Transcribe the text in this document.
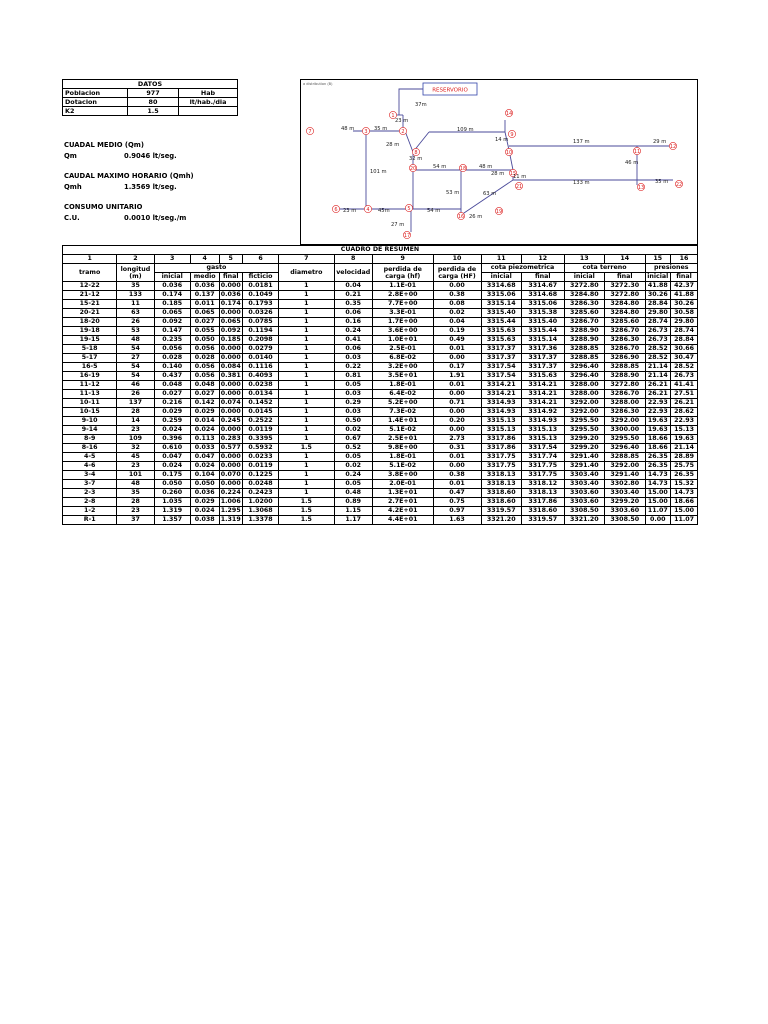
DATOS		
Poblacion	977	Hab
Dotacion	80	lt/hab./dia
K2	1.5	
CUADAL MEDIO (Qm)
Qm	0.9046 lt/seg.
CAUDAL MAXIMO HORARIO (Qmh)
Qmh	1.3569 lt/seg.
CONSUMO UNITARIO
C.U.	0.0010 lt/seg./m
a distribution (B)
RESERVORIO
1
2
3
4	5
6
7
8
9
10	11
12
13
14
15
16
17
18
19
20
21	22
37m
48 m	35 m	109 m
23 m
28 m
32 m
14 m	137 m	29 m
46 m
101 m
54 m	48 m
11 m
53 m
28 m
63 m
133 m	35 m
23 m	45m	54 m
26 m
27 m
CUADRO DE RESUMEN															
1	2	3	4	5	6	7	8	9	10	11	12	13	14	15	16
tramo	longitud (m)	gasto				diametro	velocidad	perdida de carga (hf)	perdida de carga (HF)	cota piezometrica		cota terreno		presiones	
		inicial	medio	final	ficticio					inicial	final	inicial	final	inicial	final
12-22	35	0.036	0.036	0.000	0.0181	1	0.04	1.1E-01	0.00	3314.68	3314.67	3272.80	3272.30	41.88	42.37
21-12	133	0.174	0.137	0.036	0.1049	1	0.21	2.8E+00	0.38	3315.06	3314.68	3284.80	3272.80	30.26	41.88
15-21	11	0.185	0.011	0.174	0.1793	1	0.35	7.7E+00	0.08	3315.14	3315.06	3286.30	3284.80	28.84	30.26
20-21	63	0.065	0.065	0.000	0.0326	1	0.06	3.3E-01	0.02	3315.40	3315.38	3285.60	3284.80	29.80	30.58
18-20	26	0.092	0.027	0.065	0.0785	1	0.16	1.7E+00	0.04	3315.44	3315.40	3286.70	3285.60	28.74	29.80
19-18	53	0.147	0.055	0.092	0.1194	1	0.24	3.6E+00	0.19	3315.63	3315.44	3288.90	3286.70	26.73	28.74
19-15	48	0.235	0.050	0.185	0.2098	1	0.41	1.0E+01	0.49	3315.63	3315.14	3288.90	3286.30	26.73	28.84
5-18	54	0.056	0.056	0.000	0.0279	1	0.06	2.5E-01	0.01	3317.37	3317.36	3288.85	3286.70	28.52	30.66
5-17	27	0.028	0.028	0.000	0.0140	1	0.03	6.8E-02	0.00	3317.37	3317.37	3288.85	3286.90	28.52	30.47
16-5	54	0.140	0.056	0.084	0.1116	1	0.22	3.2E+00	0.17	3317.54	3317.37	3296.40	3288.85	21.14	28.52
16-19	54	0.437	0.056	0.381	0.4093	1	0.81	3.5E+01	1.91	3317.54	3315.63	3296.40	3288.90	21.14	26.73
11-12	46	0.048	0.048	0.000	0.0238	1	0.05	1.8E-01	0.01	3314.21	3314.21	3288.00	3272.80	26.21	41.41
11-13	26	0.027	0.027	0.000	0.0134	1	0.03	6.4E-02	0.00	3314.21	3314.21	3288.00	3286.70	26.21	27.51
10-11	137	0.216	0.142	0.074	0.1452	1	0.29	5.2E+00	0.71	3314.93	3314.21	3292.00	3288.00	22.93	26.21
10-15	28	0.029	0.029	0.000	0.0145	1	0.03	7.3E-02	0.00	3314.93	3314.92	3292.00	3286.30	22.93	28.62
9-10	14	0.259	0.014	0.245	0.2522	1	0.50	1.4E+01	0.20	3315.13	3314.93	3295.50	3292.00	19.63	22.93
9-14	23	0.024	0.024	0.000	0.0119	1	0.02	5.1E-02	0.00	3315.13	3315.13	3295.50	3300.00	19.63	15.13
8-9	109	0.396	0.113	0.283	0.3395	1	0.67	2.5E+01	2.73	3317.86	3315.13	3299.20	3295.50	18.66	19.63
8-16	32	0.610	0.033	0.577	0.5932	1.5	0.52	9.8E+00	0.31	3317.86	3317.54	3299.20	3296.40	18.66	21.14
4-5	45	0.047	0.047	0.000	0.0233	1	0.05	1.8E-01	0.01	3317.75	3317.74	3291.40	3288.85	26.35	28.89
4-6	23	0.024	0.024	0.000	0.0119	1	0.02	5.1E-02	0.00	3317.75	3317.75	3291.40	3292.00	26.35	25.75
3-4	101	0.175	0.104	0.070	0.1225	1	0.24	3.8E+00	0.38	3318.13	3317.75	3303.40	3291.40	14.73	26.35
3-7	48	0.050	0.050	0.000	0.0248	1	0.05	2.0E-01	0.01	3318.13	3318.12	3303.40	3302.80	14.73	15.32
2-3	35	0.260	0.036	0.224	0.2423	1	0.48	1.3E+01	0.47	3318.60	3318.13	3303.60	3303.40	15.00	14.73
2-8	28	1.035	0.029	1.006	1.0200	1.5	0.89	2.7E+01	0.75	3318.60	3317.86	3303.60	3299.20	15.00	18.66
1-2	23	1.319	0.024	1.295	1.3068	1.5	1.15	4.2E+01	0.97	3319.57	3318.60	3308.50	3303.60	11.07	15.00
R-1	37	1.357	0.038	1.319	1.3378	1.5	1.17	4.4E+01	1.63	3321.20	3319.57	3321.20	3308.50	0.00	11.07
